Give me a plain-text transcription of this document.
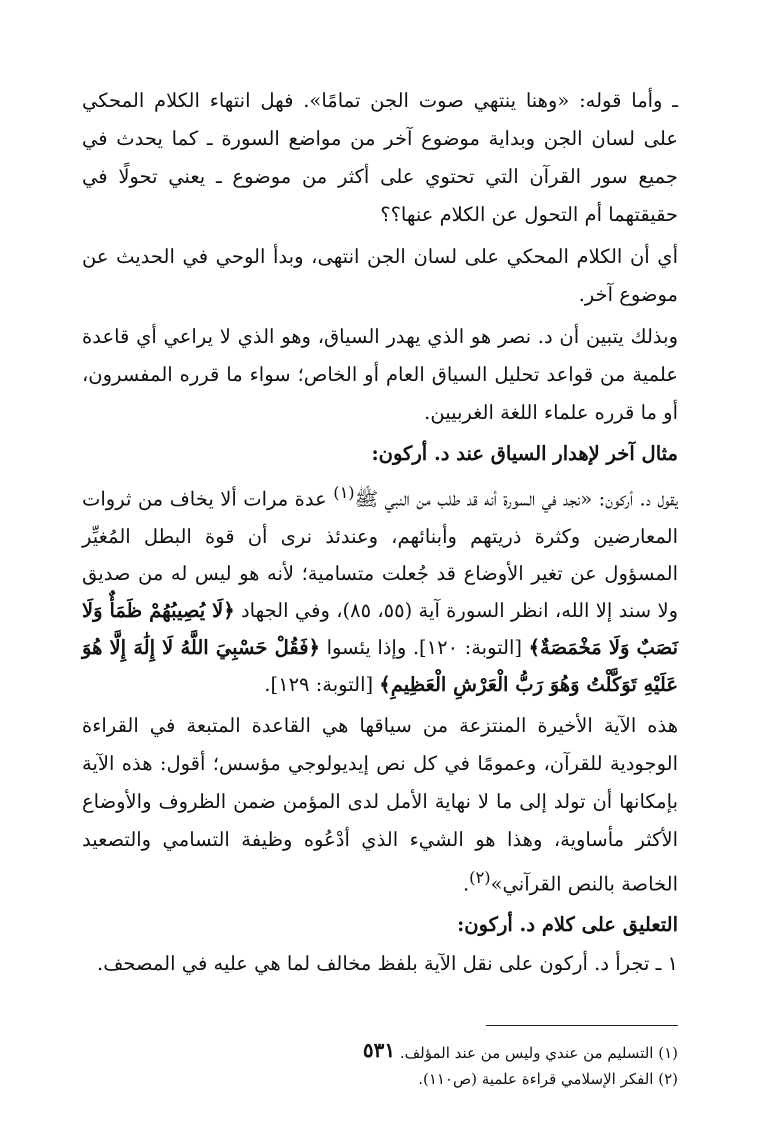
ـ وأما قوله: «وهنا ينتهي صوت الجن تمامًا». فهل انتهاء الكلام المحكي على لسان الجن وبداية موضوع آخر من مواضع السورة ـ كما يحدث في جميع سور القرآن التي تحتوي على أكثر من موضوع ـ يعني تحولًا في حقيقتهما أم التحول عن الكلام عنها؟؟

أي أن الكلام المحكي على لسان الجن انتهى، وبدأ الوحي في الحديث عن موضوع آخر.

وبذلك يتبين أن د. نصر هو الذي يهدر السياق، وهو الذي لا يراعي أي قاعدة علمية من قواعد تحليل السياق العام أو الخاص؛ سواء ما قرره المفسرون، أو ما قرره علماء اللغة الغربيين.

مثال آخر لإهدار السياق عند د. أركون:

يقول د. أركون: «نجد في السورة أنه قد طلب من النبي ﷺ$^{(١)}$ عدة مرات ألا يخاف من ثروات المعارضين وكثرة ذريتهم وأبنائهم، وعندئذ نرى أن قوة البطل المُغيِّر المسؤول عن تغير الأوضاع قد جُعلت متسامية؛ لأنه هو ليس له من صديق ولا سند إلا الله، انظر السورة آية (٥٥، ٨٥)، وفي الجهاد ﴿لَا يُصِيبُهُمْ ظَمَأٌ وَلَا نَصَبٌ وَلَا مَخْمَصَةٌ﴾ [التوبة: ١٢٠]. وإذا يئسوا ﴿فَقُلْ حَسْبِيَ اللَّهُ لَا إِلَٰهَ إِلَّا هُوَ عَلَيْهِ تَوَكَّلْتُ وَهُوَ رَبُّ الْعَرْشِ الْعَظِيمِ﴾ [التوبة: ١٢٩].

هذه الآية الأخيرة المنتزعة من سياقها هي القاعدة المتبعة في القراءة الوجودية للقرآن، وعمومًا في كل نص إيديولوجي مؤسس؛ أقول: هذه الآية بإمكانها أن تولد إلى ما لا نهاية الأمل لدى المؤمن ضمن الظروف والأوضاع الأكثر مأساوية، وهذا هو الشيء الذي أدْعُوه وظيفة التسامي والتصعيد الخاصة بالنص القرآني»$^{(٢)}$.

التعليق على كلام د. أركون:

١ ـ تجرأ د. أركون على نقل الآية بلفظ مخالف لما هي عليه في المصحف.

(١) التسليم من عندي وليس من عند المؤلف.

(٢) الفكر الإسلامي قراءة علمية (ص١١٠).

٥٣١
